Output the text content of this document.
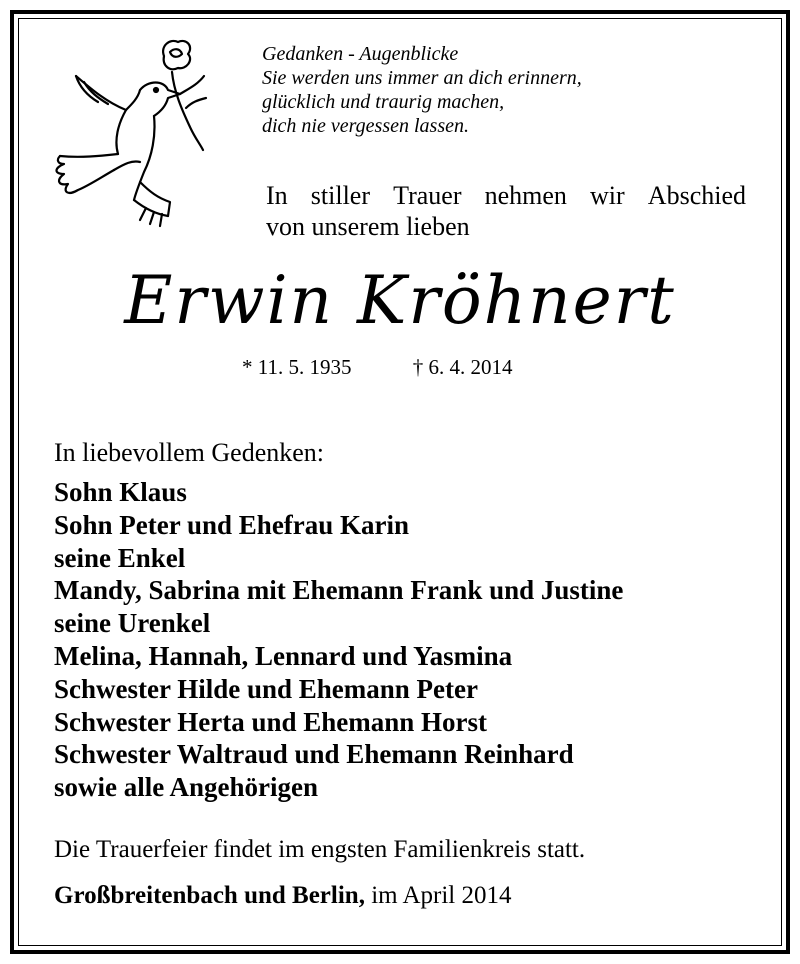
Gedanken - Augenblicke
Sie werden uns immer an dich erinnern,
glücklich und traurig machen,
dich nie vergessen lassen.
In stiller Trauer nehmen wir Abschied
von unserem lieben
Erwin Kröhnert
* 11. 5. 1935	† 6. 4. 2014
In liebevollem Gedenken:
Sohn Klaus
Sohn Peter und Ehefrau Karin
seine Enkel
Mandy, Sabrina mit Ehemann Frank und Justine
seine Urenkel
Melina, Hannah, Lennard und Yasmina
Schwester Hilde und Ehemann Peter
Schwester Herta und Ehemann Horst
Schwester Waltraud und Ehemann Reinhard
sowie alle Angehörigen
Die Trauerfeier findet im engsten Familienkreis statt.
Großbreitenbach und Berlin, im April 2014
